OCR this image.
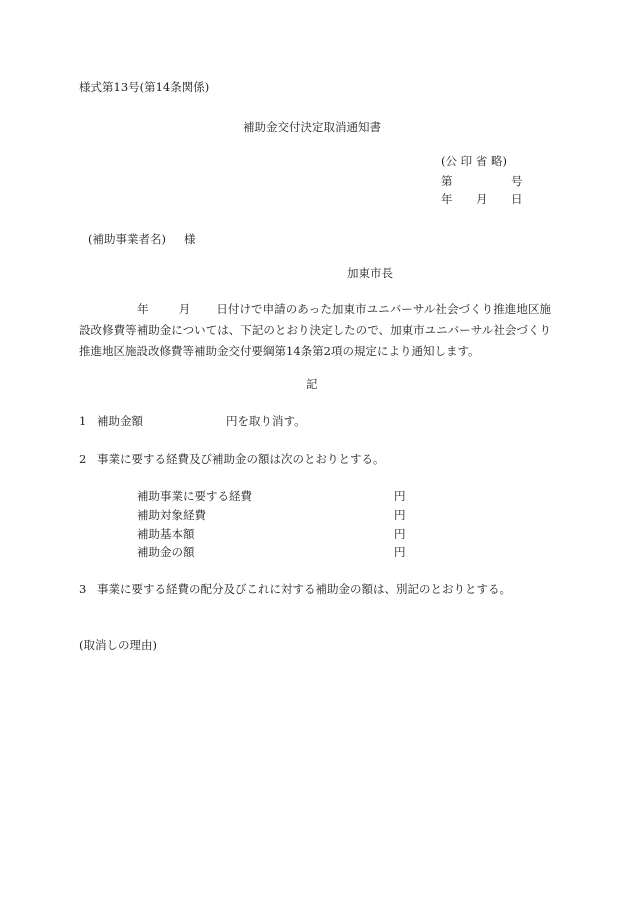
様式第13号(第14条関係)
補助金交付決定取消通知書
(公 印 省 略)
第	号
年 月 日
(補助事業者名) 様
加東市長
年	月 日付けで申請のあった加東市ユニバーサル社会づくり推進地区施設改修費等補助金については、下記のとおり決定したので、加東市ユニバーサル社会づくり推進地区施設改修費等補助金交付要綱第14条第2項の規定により通知します。
記
1 補助金額	円を取り消す。
2 事業に要する経費及び補助金の額は次のとおりとする。
補助事業に要する経費	円
補助対象経費	円
補助基本額	円
補助金の額	円
3 事業に要する経費の配分及びこれに対する補助金の額は、別記のとおりとする。
(取消しの理由)
